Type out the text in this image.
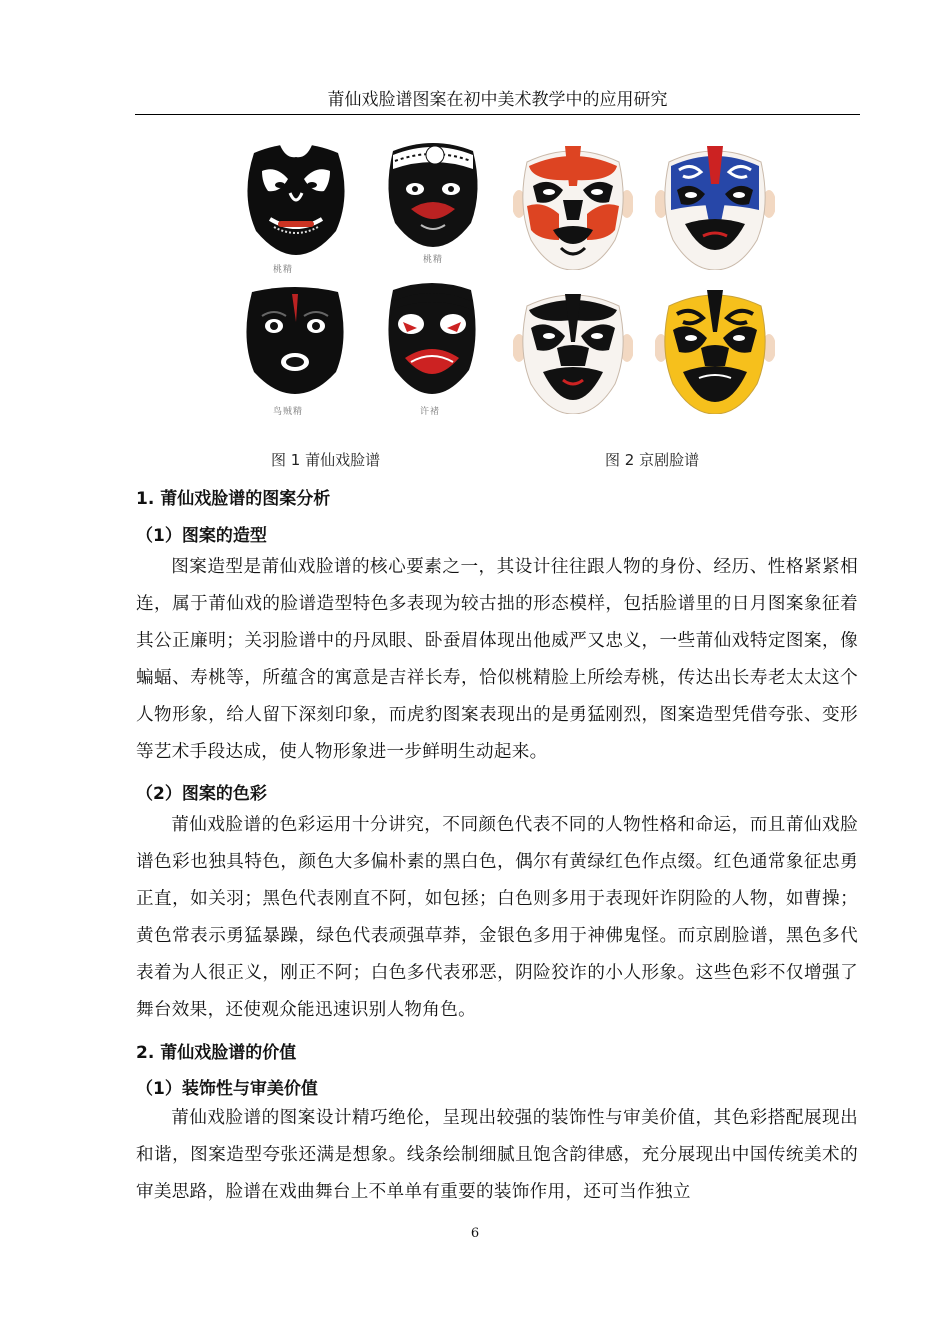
莆仙戏脸谱图案在初中美术教学中的应用研究
桃精
桃精
鸟贼精	许褚
图 1 莆仙戏脸谱	图 2 京剧脸谱
1. 莆仙戏脸谱的图案分析
（1）图案的造型

图案造型是莆仙戏脸谱的核心要素之一，其设计往往跟人物的身份、经历、性格紧紧相连，属于莆仙戏的脸谱造型特色多表现为较古拙的形态模样，包括脸谱里的日月图案象征着其公正廉明；关羽脸谱中的丹凤眼、卧蚕眉体现出他威严又忠义，一些莆仙戏特定图案，像蝙蝠、寿桃等，所蕴含的寓意是吉祥长寿，恰似桃精脸上所绘寿桃，传达出长寿老太太这个人物形象，给人留下深刻印象，而虎豹图案表现出的是勇猛刚烈，图案造型凭借夸张、变形等艺术手段达成，使人物形象进一步鲜明生动起来。

（2）图案的色彩

莆仙戏脸谱的色彩运用十分讲究，不同颜色代表不同的人物性格和命运，而且莆仙戏脸谱色彩也独具特色，颜色大多偏朴素的黑白色，偶尔有黄绿红色作点缀。红色通常象征忠勇正直，如关羽；黑色代表刚直不阿，如包拯；白色则多用于表现奸诈阴险的人物，如曹操；黄色常表示勇猛暴躁，绿色代表顽强草莽，金银色多用于神佛鬼怪。而京剧脸谱，黑色多代表着为人很正义，刚正不阿；白色多代表邪恶，阴险狡诈的小人形象。这些色彩不仅增强了舞台效果，还使观众能迅速识别人物角色。

2. 莆仙戏脸谱的价值
（1）装饰性与审美价值

莆仙戏脸谱的图案设计精巧绝伦，呈现出较强的装饰性与审美价值，其色彩搭配展现出和谐，图案造型夸张还满是想象。线条绘制细腻且饱含韵律感，充分展现出中国传统美术的审美思路，脸谱在戏曲舞台上不单单有重要的装饰作用，还可当作独立

6
